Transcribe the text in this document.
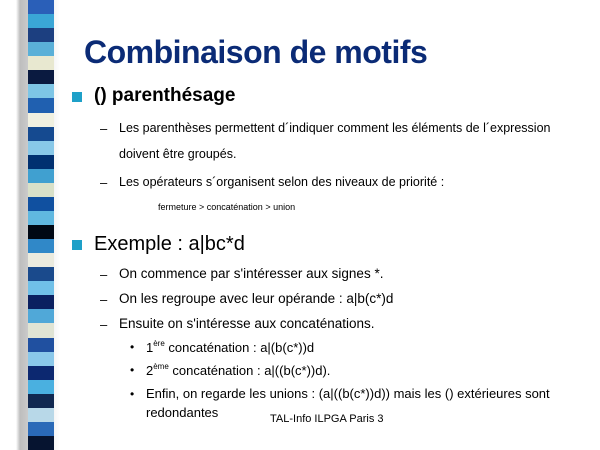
Combinaison de motifs
() parenthésage
– Les parenthèses permettent d´indiquer comment les éléments de l´expression
doivent être groupés.
– Les opérateurs s´organisent selon des niveaux de priorité :
fermeture > concaténation > union
Exemple : a|bc*d
– On commence par s'intéresser aux signes *.
– On les regroupe avec leur opérande : a|b(c*)d
– Ensuite on s'intéresse aux concaténations.
• 1ère concaténation : a|(b(c*))d
• 2ème concaténation : a|((b(c*))d).
• Enfin, on regarde les unions : (a|((b(c*))d)) mais les () extérieures sont
redondantes	TAL-Info ILPGA Paris 3
